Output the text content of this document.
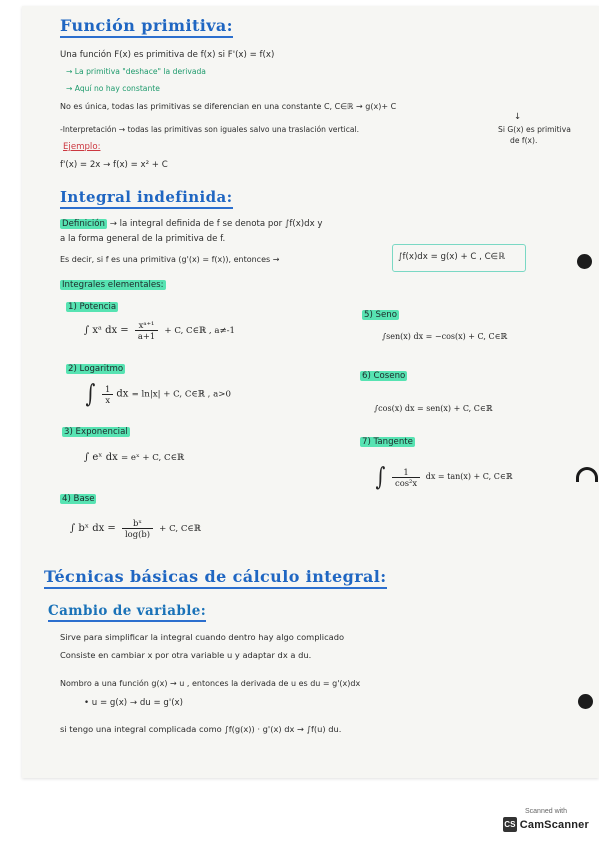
Función primitiva:
Una función F(x) es primitiva de f(x) si F'(x) = f(x)
→ La primitiva "deshace" la derivada
→ Aquí no hay constante
No es única, todas las primitivas se diferencian en una constante C, C∈ℝ → g(x)+ C
-Interpretación → todas las primitivas son iguales salvo una traslación vertical.
↓
Si G(x) es primitiva
de f(x).
Ejemplo:
f'(x) = 2x → f(x) = x² + C
Integral indefinida:
Definición → la integral definida de f se denota por ∫f(x)dx y
a la forma general de la primitiva de f.
Es decir, si f es una primitiva (g'(x) = f(x)), entonces →	∫f(x)dx = g(x) + C , C∈ℝ
Integrales elementales:
1) Potencia
∫ xᵃ dx = $\frac{\text{xᵃ⁺¹}}{a+1} + C$, C∈ℝ , a≠-1
2) Logaritmo
∫ $\frac{1}{x}$ dx = ln|x| + C, C∈ℝ , a>0
3) Exponencial
∫ eˣ dx = eˣ + C, C∈ℝ
4) Base
∫ bˣ dx = $\frac{\text{bˣ}}{\log(b)} + C$, C∈ℝ
5) Seno
∫sen(x) dx = −cos(x) + C, C∈ℝ
6) Coseno
∫cos(x) dx = sen(x) + C, C∈ℝ
7) Tangente
∫ $\frac{1}{\text{cos²x}}$ dx = tan(x) + C, C∈ℝ
Técnicas básicas de cálculo integral:
Cambio de variable:
Sirve para simplificar la integral cuando dentro hay algo complicado
Consiste en cambiar x por otra variable u y adaptar dx a du.
Nombro a una función g(x) → u , entonces la derivada de u es du = g'(x)dx
• u = g(x) → du = g'(x)
si tengo una integral complicada como ∫f(g(x)) · g'(x) dx → ∫f(u) du.
Scanned with
CS CamScanner
